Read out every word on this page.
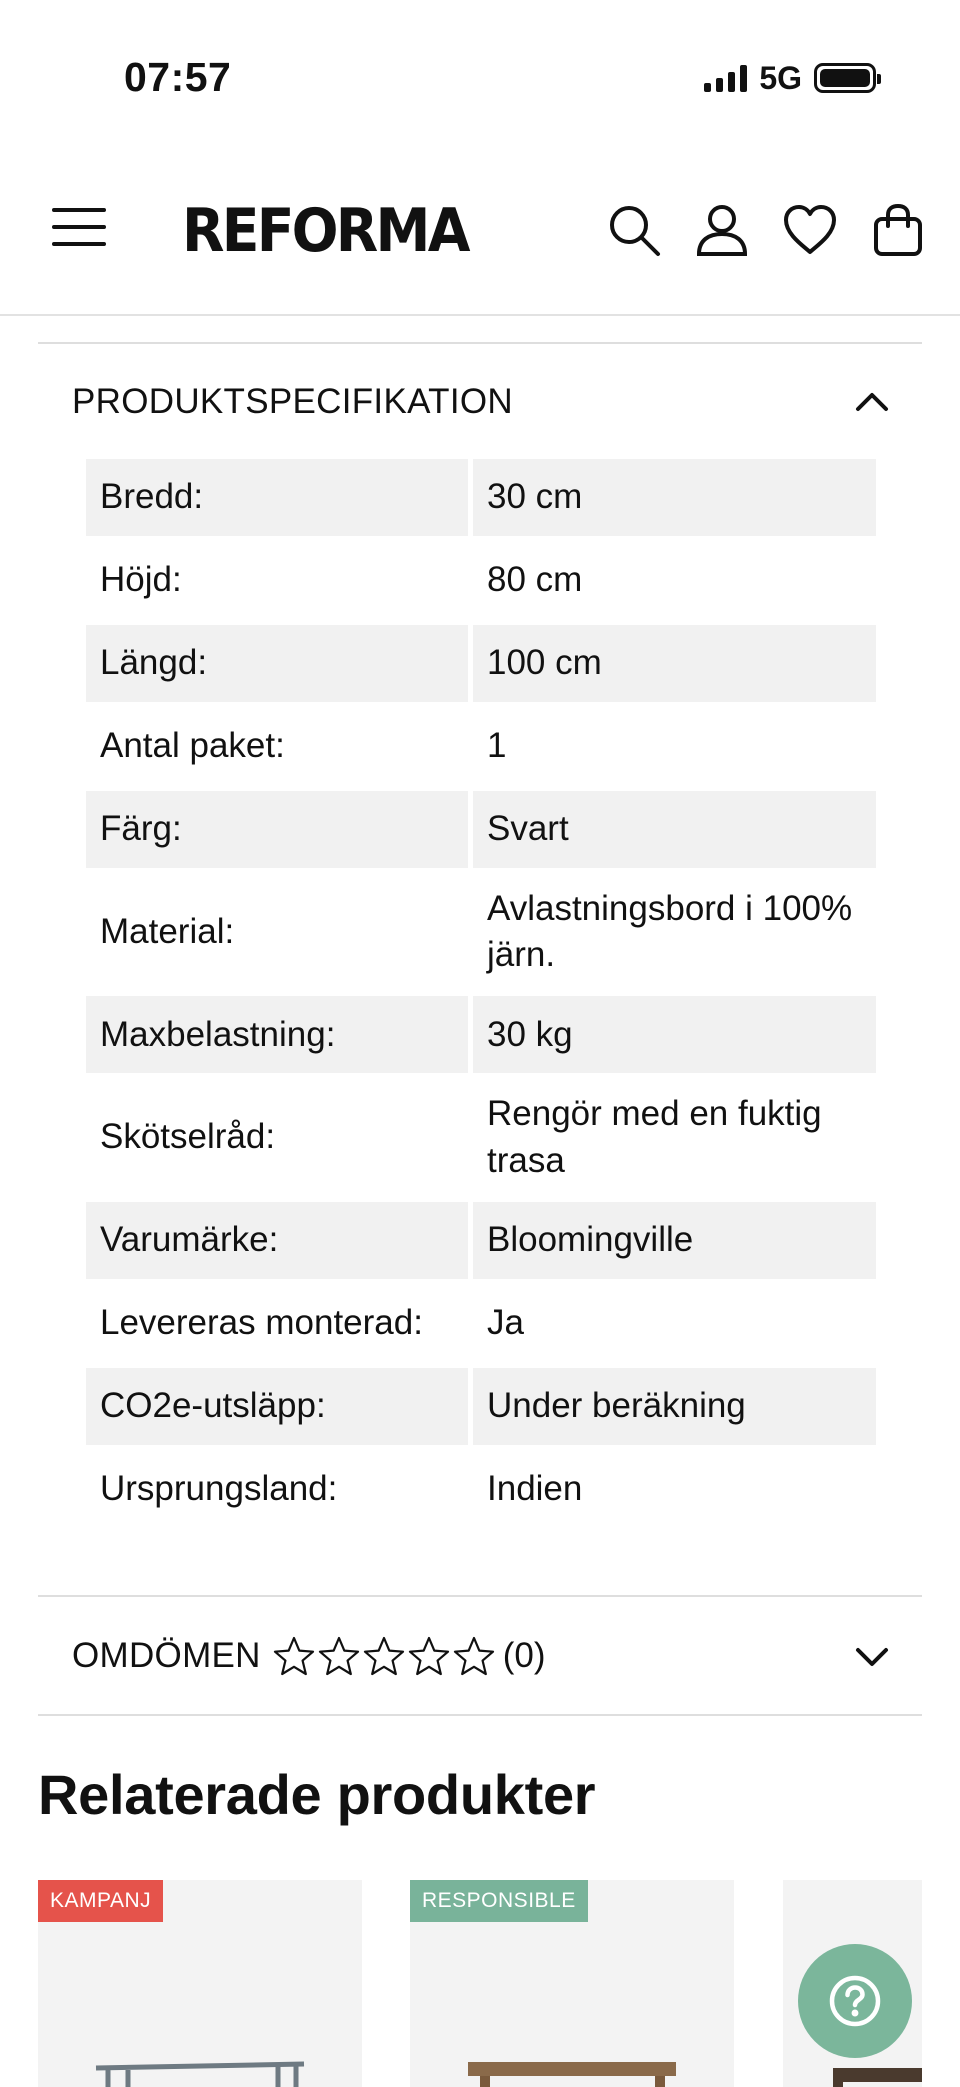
07:57	5G
REFORMA
PRODUKTSPECIFIKATION
Bredd:	30 cm
Höjd:	80 cm
Längd:	100 cm
Antal paket:	1
Färg:	Svart
Material:	Avlastningsbord i 100% järn.
Maxbelastning:	30 kg
Skötselråd:	Rengör med en fuktig trasa
Varumärke:	Bloomingville
Levereras monterad:	Ja
CO2e-utsläpp:	Under beräkning
Ursprungsland:	Indien
OMDÖMEN	(0)
Relaterade produkter
KAMPANJ	RESPONSIBLE
